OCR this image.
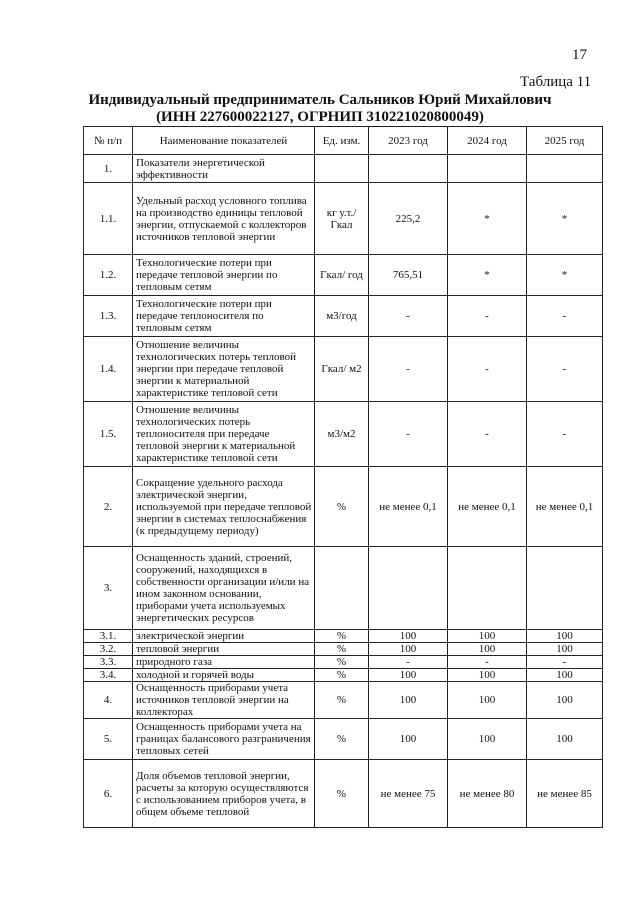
17
Таблица 11
Индивидуальный предприниматель Сальников Юрий Михайлович
(ИНН 227600022127, ОГРНИП 310221020800049)
№ п/п	Наименование показателей	Ед. изм.	2023 год	2024 год	2025 год
1.	Показатели энергетической эффективности				
1.1.	Удельный расход условного топлива на производство единицы тепловой энергии, отпускаемой с коллекторов источников тепловой энергии	кг у.т./ Гкал	225,2	*	*
1.2.	Технологические потери при передаче тепловой энергии по тепловым сетям	Гкал/ год	765,51	*	*
1.3.	Технологические потери при передаче теплоносителя по тепловым сетям	м3/год	-	-	-
1.4.	Отношение величины технологических потерь тепловой энергии при передаче тепловой энергии к материальной характеристике тепловой сети	Гкал/ м2	-	-	-
1.5.	Отношение величины технологических потерь теплоносителя при передаче тепловой энергии к материальной характеристике тепловой сети	м3/м2	-	-	-
2.	Сокращение удельного расхода электрической энергии, используемой при передаче тепловой энергии в системах теплоснабжения (к предыдущему периоду)	%	не менее 0,1	не менее 0,1	не менее 0,1
3.	Оснащенность зданий, строений, сооружений, находящихся в собственности организации и/или на ином законном основании, приборами учета используемых энергетических ресурсов				
3.1.	электрической энергии	%	100	100	100
3.2.	тепловой энергии	%	100	100	100
3.3.	природного газа	%	-	-	-
3.4.	холодной и горячей воды	%	100	100	100
4.	Оснащенность приборами учета источников тепловой энергии на коллекторах	%	100	100	100
5.	Оснащенность приборами учета на границах балансового разграничения тепловых сетей	%	100	100	100
6.	Доля объемов тепловой энергии, расчеты за которую осуществляются с использованием приборов учета, в общем объеме тепловой	%	не менее 75	не менее 80	не менее 85
